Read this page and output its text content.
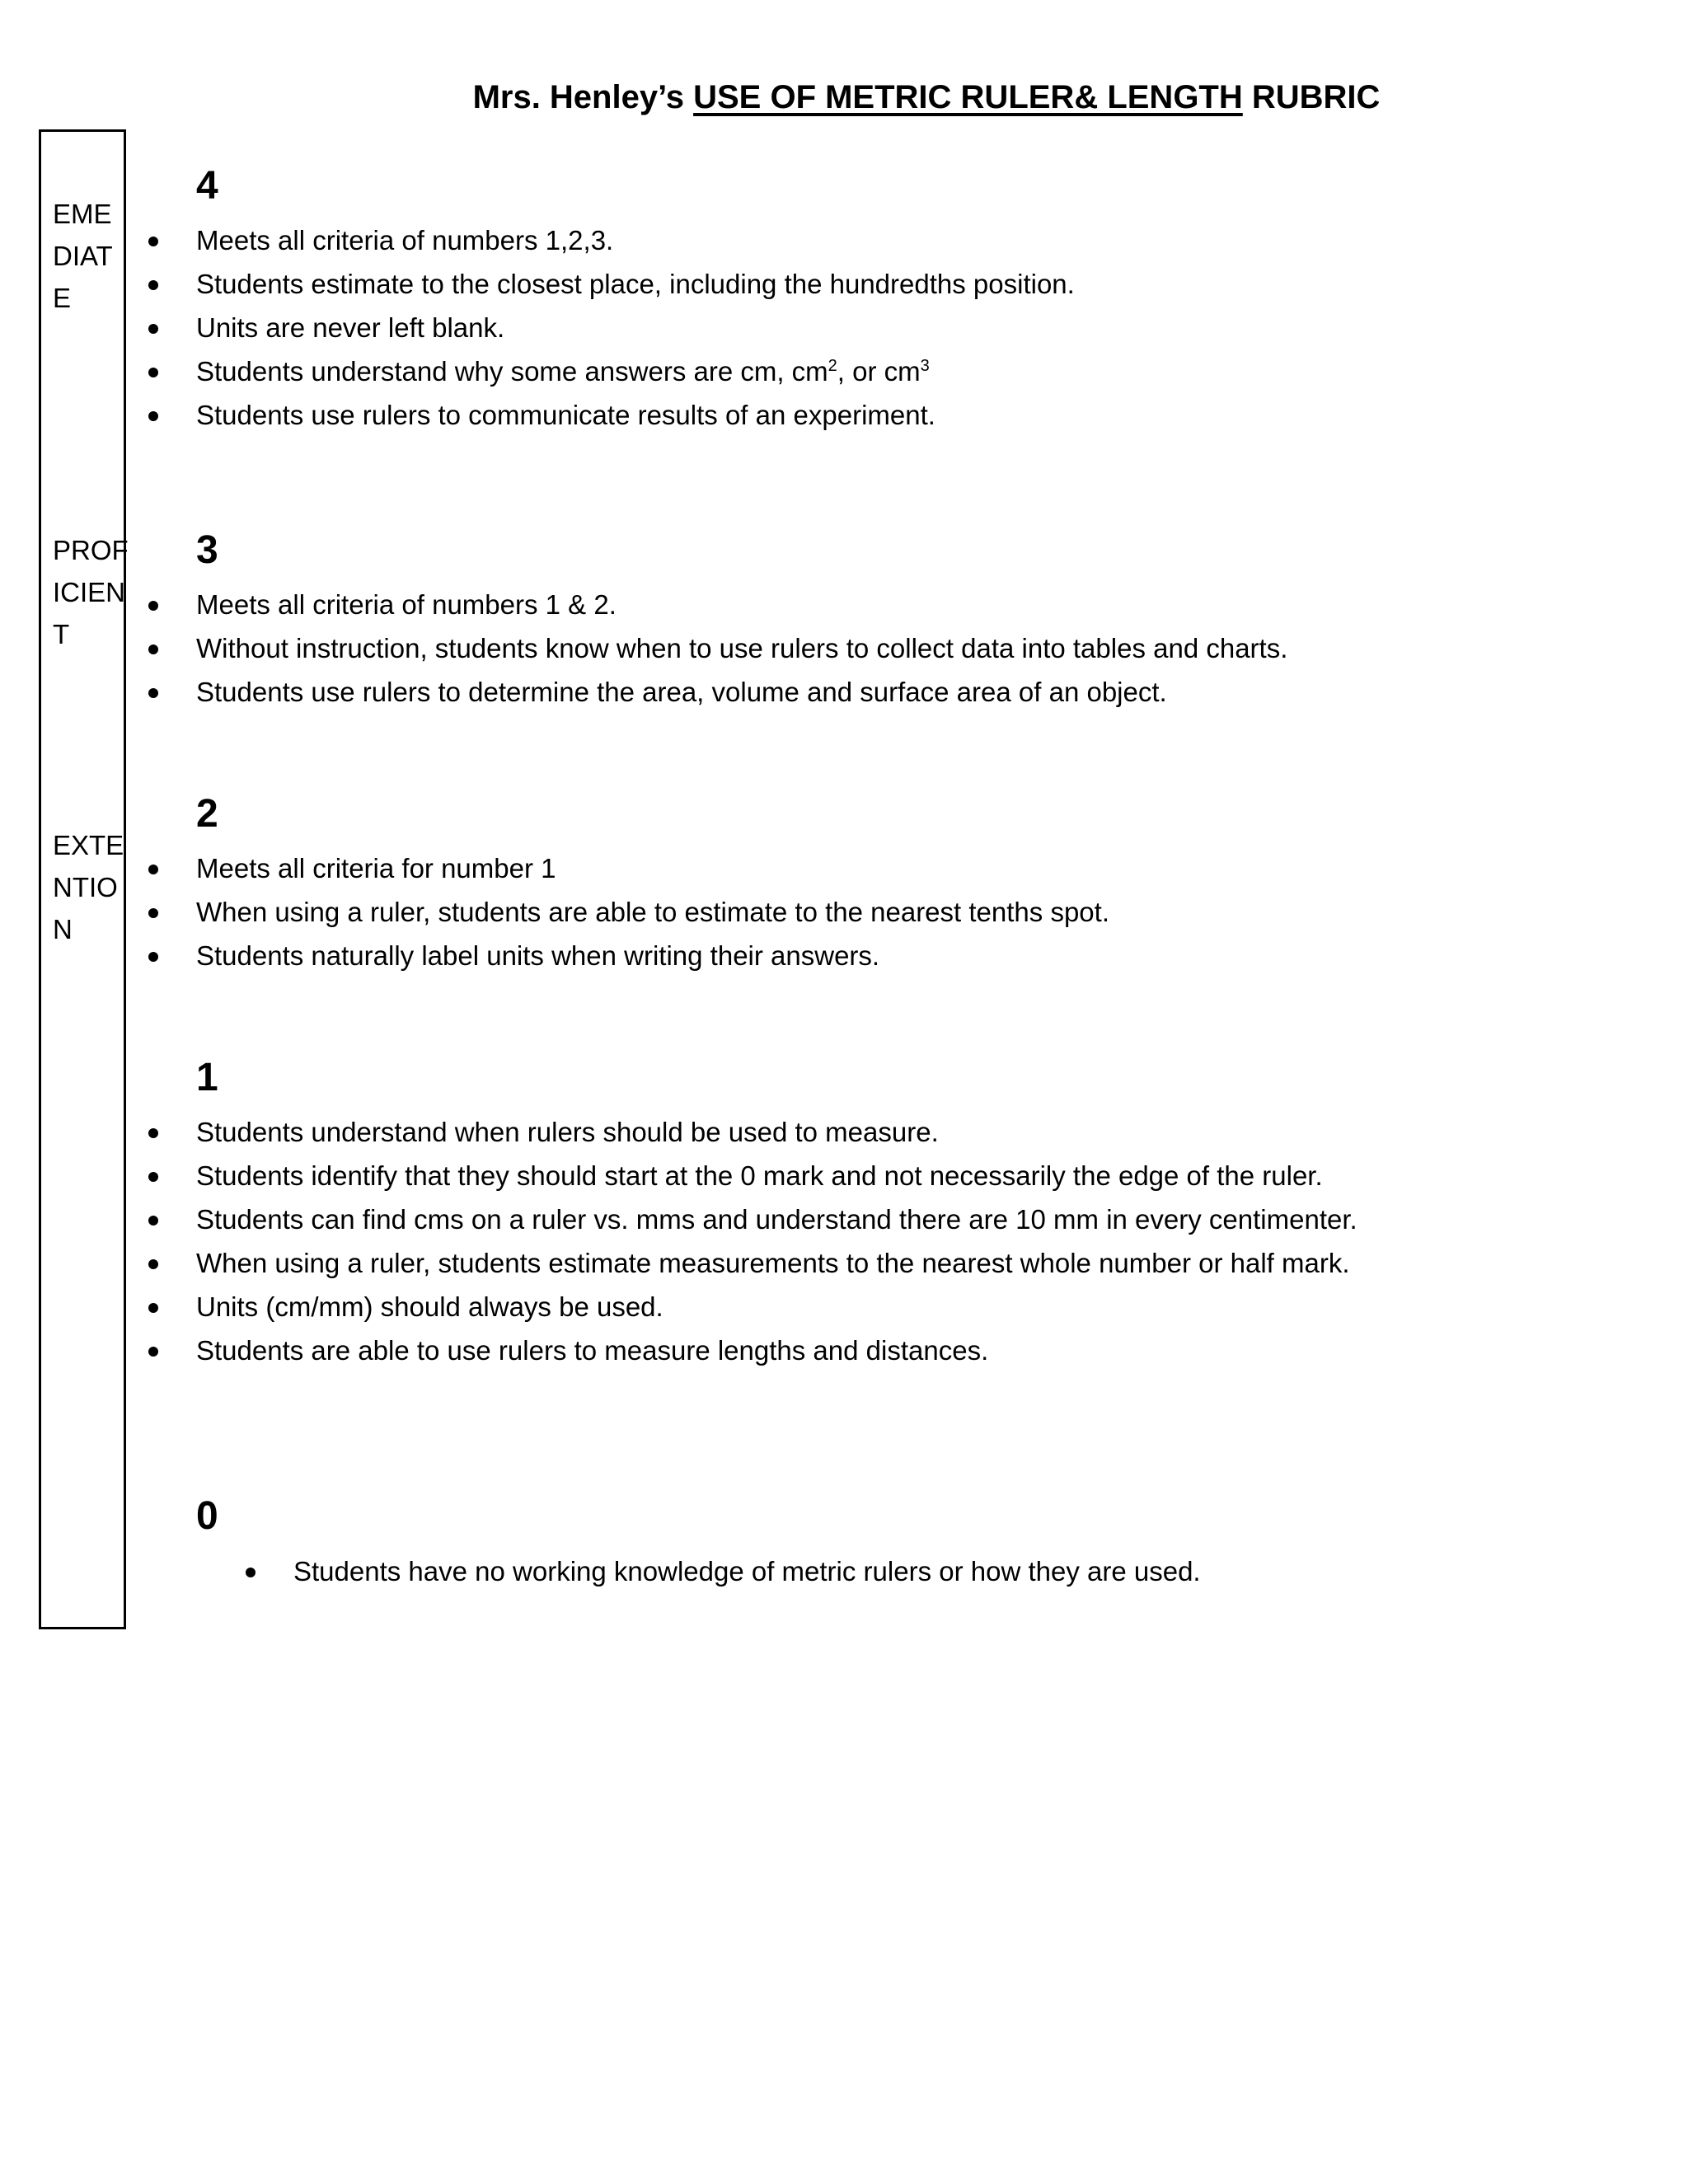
Mrs. Henley’s USE OF METRIC RULER& LENGTH RUBRIC
EME
DIAT
E
PROF
ICIEN
T
EXTE
NTIO
N
4
Meets all criteria of numbers 1,2,3.
Students estimate to the closest place, including the hundredths position.
Units are never left blank.
Students understand why some answers are cm, $cm^2$, or $cm^3$
Students use rulers to communicate results of an experiment.
3
Meets all criteria of numbers 1 & 2.
Without instruction, students know when to use rulers to collect data into tables and charts.
Students use rulers to determine the area, volume and surface area of an object.
2
Meets all criteria for number 1
When using a ruler, students are able to estimate to the nearest tenths spot.
Students naturally label units when writing their answers.
1
Students understand when rulers should be used to measure.
Students identify that they should start at the 0 mark and not necessarily the edge of the ruler.
Students can find cms on a ruler vs. mms and understand there are 10 mm in every centimenter.
When using a ruler, students estimate measurements to the nearest whole number or half mark.
Units (cm/mm) should always be used.
Students are able to use rulers to measure lengths and distances.
0
Students have no working knowledge of metric rulers or how they are used.
